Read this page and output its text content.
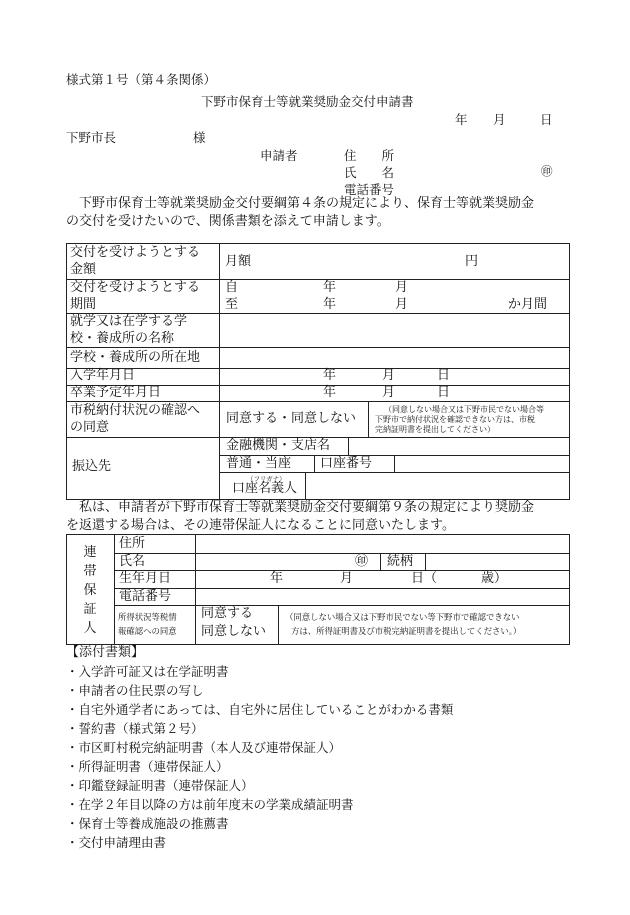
様式第１号（第４条関係）
下野市保育士等就業奨励金交付申請書
年 月	日
下野市長	様
申請者	住　　所
氏　　名	㊞
電話番号
　下野市保育士等就業奨励金交付要綱第４条の規定により、保育士等就業奨励金
の交付を受けたいので、関係書類を添えて申請します。
交付を受けようとする
金額
月額	円
交付を受けようとする
期間
自	年	月
至	年	月	か月間
就学又は在学する学
校・養成所の名称
学校・養成所の所在地
入学年月日	年	月	日
卒業予定年月日	年	月	日
市税納付状況の確認へ
の同意
同意する・同意しない
（同意しない場合又は下野市民でない場合等
下野市で納付状況を確認できない方は、市税
完納証明書を提出してください）
振込先
金融機関・支店名
普通・当座 口座番号
（フリガナ）
口座名義人
　私は、申請者が下野市保育士等就業奨励金交付要綱第９条の規定により奨励金
を返還する場合は、その連帯保証人になることに同意いたします。
連
帯
保
証
人
住所
氏名	㊞ 続柄
生年月日	年	月	日（	歳）
電話番号
所得状況等税情
報確認への同意
同意する
同意しない
（同意しない場合又は下野市民でない等下野市で確認できない
方は、所得証明書及び市税完納証明書を提出してください。）
【添付書類】
・入学許可証又は在学証明書
・申請者の住民票の写し
・自宅外通学者にあっては、自宅外に居住していることがわかる書類
・誓約書（様式第２号）
・市区町村税完納証明書（本人及び連帯保証人）
・所得証明書（連帯保証人）
・印鑑登録証明書（連帯保証人）
・在学２年目以降の方は前年度末の学業成績証明書
・保育士等養成施設の推薦書
・交付申請理由書
